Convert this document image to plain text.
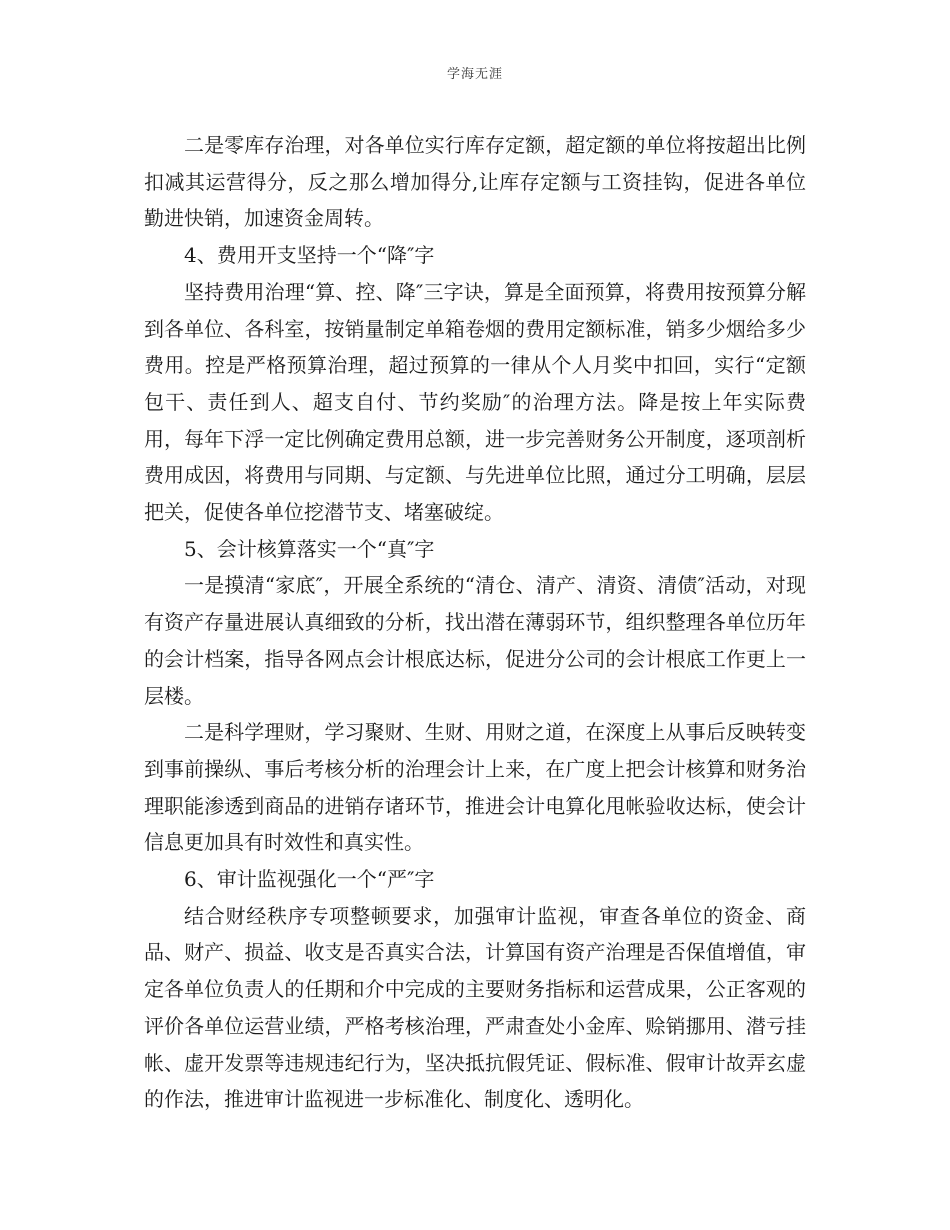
学海无涯

二是零库存治理，对各单位实行库存定额，超定额的单位将按超出比例扣减其运营得分，反之那么增加得分,让库存定额与工资挂钩，促进各单位勤进快销，加速资金周转。

4、费用开支坚持一个“降″字

坚持费用治理“算、控、降″三字诀，算是全面预算，将费用按预算分解到各单位、各科室，按销量制定单箱卷烟的费用定额标准，销多少烟给多少费用。控是严格预算治理，超过预算的一律从个人月奖中扣回，实行“定额包干、责任到人、超支自付、节约奖励″的治理方法。降是按上年实际费用，每年下浮一定比例确定费用总额，进一步完善财务公开制度，逐项剖析费用成因，将费用与同期、与定额、与先进单位比照，通过分工明确，层层把关，促使各单位挖潜节支、堵塞破绽。

5、会计核算落实一个“真″字

一是摸清“家底″，开展全系统的“清仓、清产、清资、清债″活动，对现有资产存量进展认真细致的分析，找出潜在薄弱环节，组织整理各单位历年的会计档案，指导各网点会计根底达标，促进分公司的会计根底工作更上一层楼。

二是科学理财，学习聚财、生财、用财之道，在深度上从事后反映转变到事前操纵、事后考核分析的治理会计上来，在广度上把会计核算和财务治理职能渗透到商品的进销存诸环节，推进会计电算化甩帐验收达标，使会计信息更加具有时效性和真实性。

6、审计监视强化一个“严″字

结合财经秩序专项整顿要求，加强审计监视，审查各单位的资金、商品、财产、损益、收支是否真实合法，计算国有资产治理是否保值增值，审定各单位负责人的任期和介中完成的主要财务指标和运营成果，公正客观的评价各单位运营业绩，严格考核治理，严肃查处小金库、赊销挪用、潜亏挂帐、虚开发票等违规违纪行为，坚决抵抗假凭证、假标准、假审计故弄玄虚的作法，推进审计监视进一步标准化、制度化、透明化。
